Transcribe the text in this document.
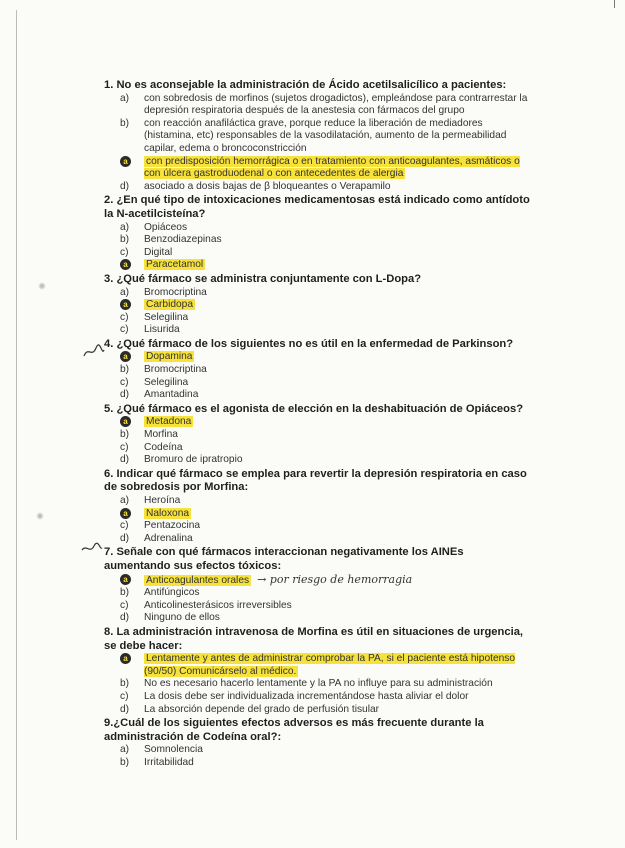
1. No es aconsejable la administración de Ácido acetilsalicílico a pacientes:
a)	con sobredosis de morfinos (sujetos drogadictos), empleándose para contrarrestar la depresión respiratoria después de la anestesia con fármacos del grupo
b)	con reacción anafiláctica grave, porque reduce la liberación de mediadores (histamina, etc) responsables de la vasodilatación, aumento de la permeabilidad capilar, edema o broncoconstricción
a	con predisposición hemorrágica o en tratamiento con anticoagulantes, asmáticos o con úlcera gastroduodenal o con antecedentes de alergia
d)	asociado a dosis bajas de β bloqueantes o Verapamilo
2. ¿En qué tipo de intoxicaciones medicamentosas está indicado como antídoto la N-acetilcisteína?
a)	Opiáceos
b)	Benzodiazepinas
c)	Digital
a	Paracetamol
3. ¿Qué fármaco se administra conjuntamente con L-Dopa?
a)	Bromocriptina
a	Carbidopa
c)	Selegilina
c)	Lisurida
4. ¿Qué fármaco de los siguientes no es útil en la enfermedad de Parkinson?
a	Dopamina
b)	Bromocriptina
c)	Selegilina
d)	Amantadina
5. ¿Qué fármaco es el agonista de elección en la deshabituación de Opiáceos?
a	Metadona
b)	Morfina
c)	Codeína
d)	Bromuro de ipratropio
6. Indicar qué fármaco se emplea para revertir la depresión respiratoria en caso de sobredosis por Morfina:
a)	Heroína
a	Naloxona
c)	Pentazocina
d)	Adrenalina
7. Señale con qué fármacos interaccionan negativamente los AINEs aumentando sus efectos tóxicos:
a	Anticoagulantes orales → por riesgo de hemorragia
b)	Antifúngicos
c)	Anticolinesterásicos irreversibles
d)	Ninguno de ellos
8. La administración intravenosa de Morfina es útil en situaciones de urgencia, se debe hacer:
a	Lentamente y antes de administrar comprobar la PA, si el paciente está hipotenso (90/50) Comunicárselo al médico.
b)	No es necesario hacerlo lentamente y la PA no influye para su administración
c)	La dosis debe ser individualizada incrementándose hasta aliviar el dolor
d)	La absorción depende del grado de perfusión tisular
9.¿Cuál de los siguientes efectos adversos es más frecuente durante la administración de Codeína oral?:
a)	Somnolencia
b)	Irritabilidad
